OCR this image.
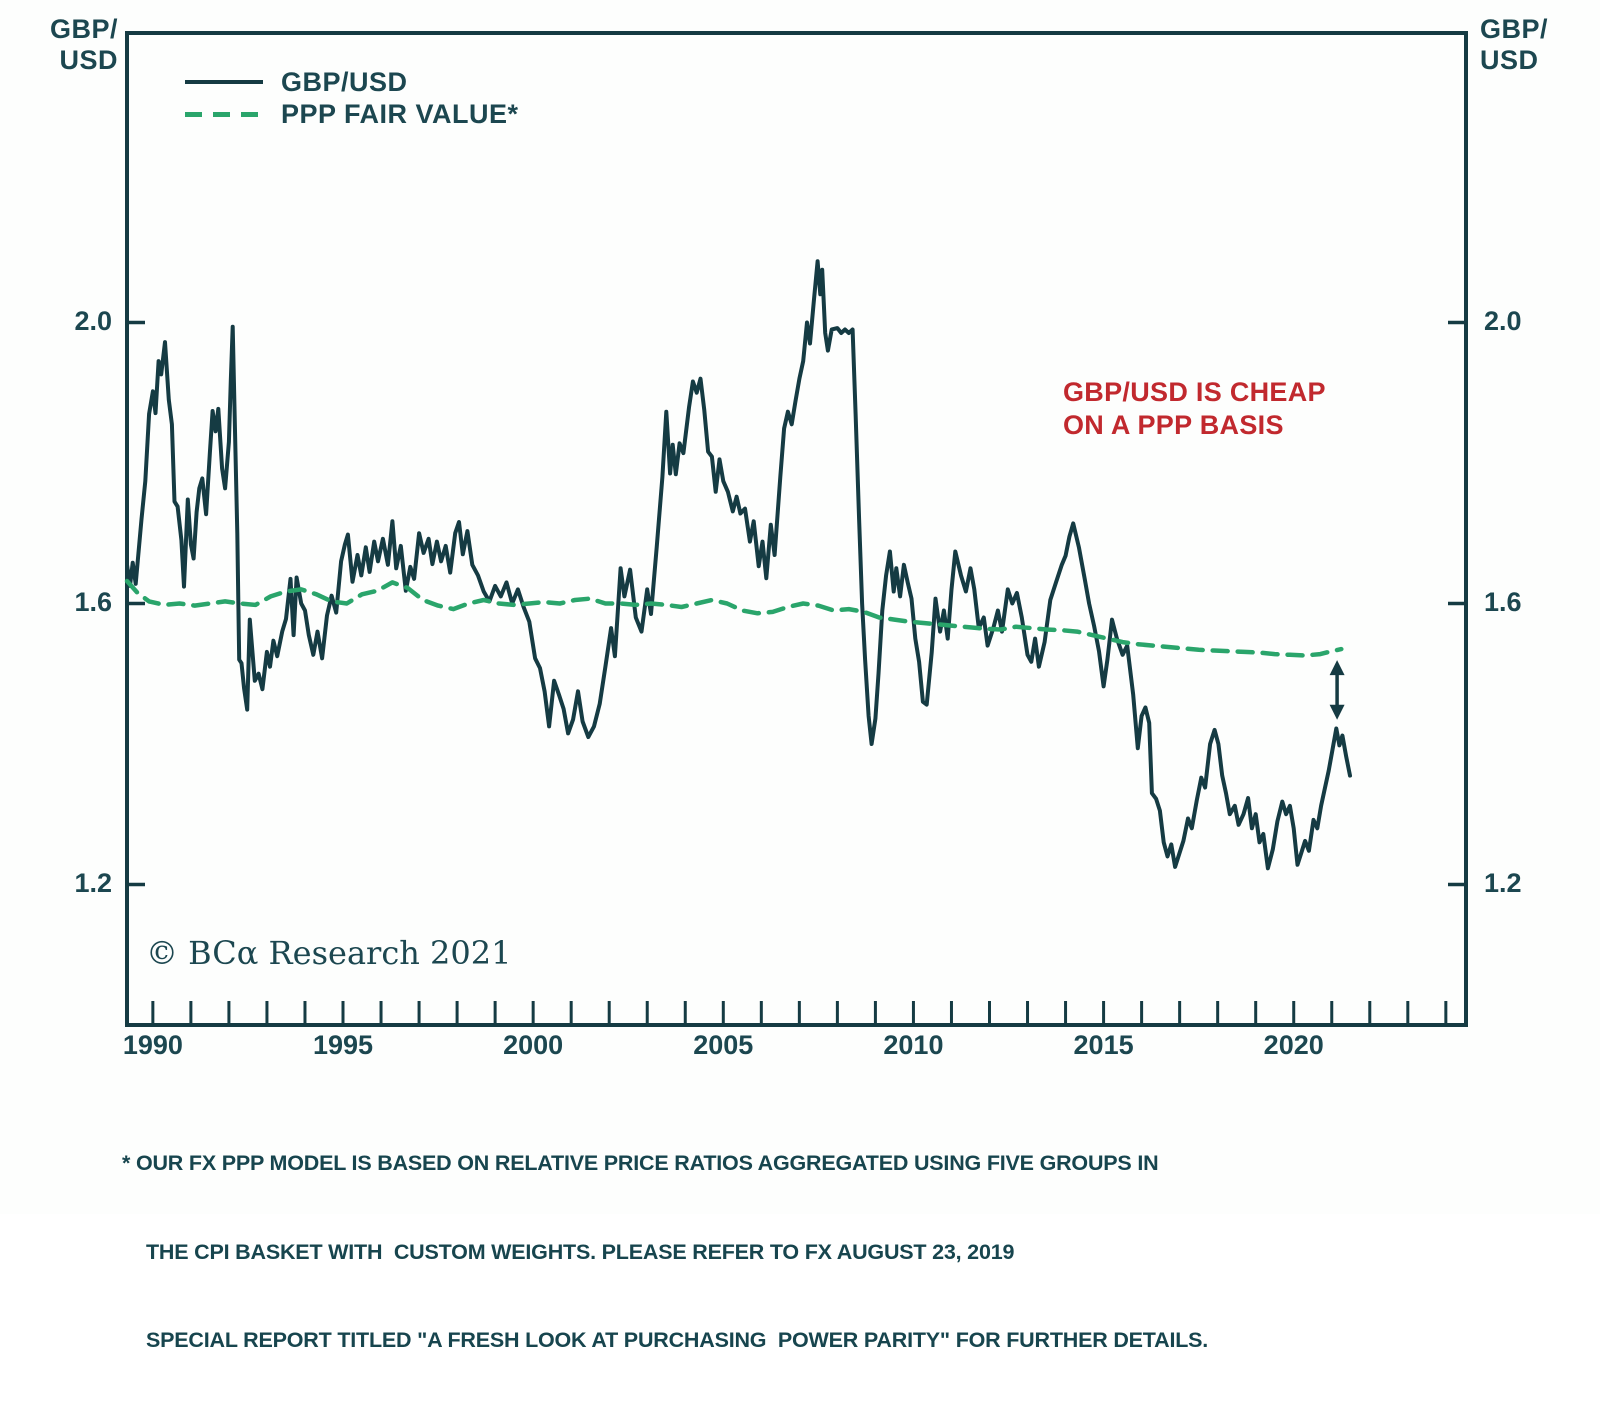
GBP/
USD
GBP/
USD
GBP/USD
PPP FAIR VALUE*
GBP/USD IS CHEAP
ON A PPP BASIS
© BCα Research 2021

* OUR FX PPP MODEL IS BASED ON RELATIVE PRICE RATIOS AGGREGATED USING FIVE GROUPS IN

THE CPI BASKET WITH  CUSTOM WEIGHTS. PLEASE REFER TO FX AUGUST 23, 2019

SPECIAL REPORT TITLED "A FRESH LOOK AT PURCHASING  POWER PARITY" FOR FURTHER DETAILS.

1.2	1.2
1.6	1.6
2.0	2.0
1990	1995	2000	2005	2010	2015	2020
